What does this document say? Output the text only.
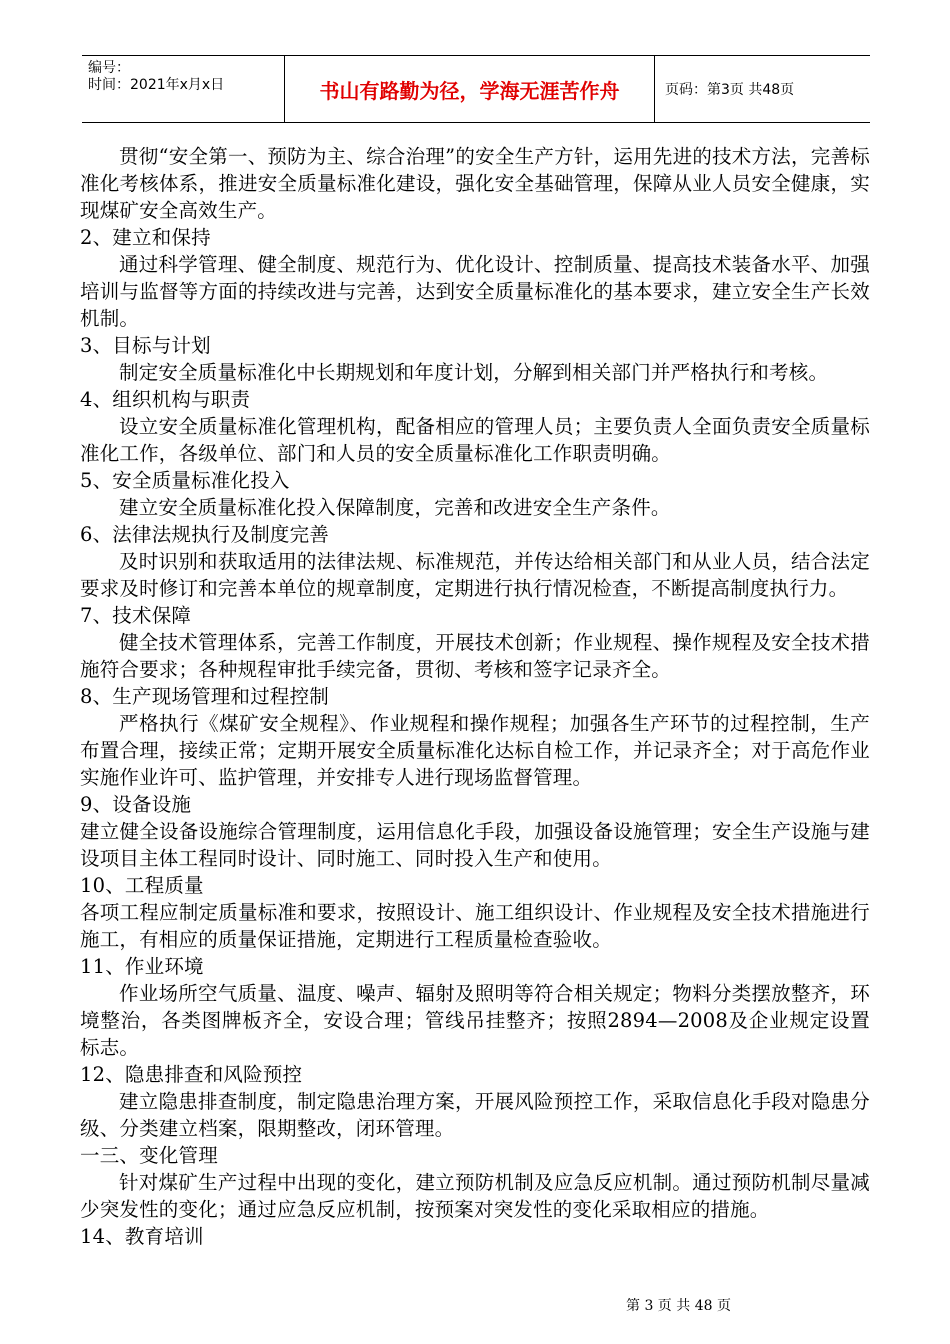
编号：
时间：2021年x月x日	书山有路勤为径，学海无涯苦作舟	页码：第3页 共48页

贯彻“安全第一、预防为主、综合治理”的安全生产方针，运用先进的技术方法，完善标准化考核体系，推进安全质量标准化建设，强化安全基础管理，保障从业人员安全健康，实现煤矿安全高效生产。

2、建立和保持

通过科学管理、健全制度、规范行为、优化设计、控制质量、提高技术装备水平、加强培训与监督等方面的持续改进与完善，达到安全质量标准化的基本要求，建立安全生产长效机制。

3、目标与计划

制定安全质量标准化中长期规划和年度计划，分解到相关部门并严格执行和考核。

4、组织机构与职责

设立安全质量标准化管理机构，配备相应的管理人员；主要负责人全面负责安全质量标准化工作，各级单位、部门和人员的安全质量标准化工作职责明确。

5、安全质量标准化投入

建立安全质量标准化投入保障制度，完善和改进安全生产条件。

6、法律法规执行及制度完善

及时识别和获取适用的法律法规、标准规范，并传达给相关部门和从业人员，结合法定要求及时修订和完善本单位的规章制度，定期进行执行情况检查，不断提高制度执行力。

7、技术保障

健全技术管理体系，完善工作制度，开展技术创新；作业规程、操作规程及安全技术措施符合要求；各种规程审批手续完备，贯彻、考核和签字记录齐全。

8、生产现场管理和过程控制

严格执行《煤矿安全规程》、作业规程和操作规程；加强各生产环节的过程控制，生产布置合理，接续正常；定期开展安全质量标准化达标自检工作，并记录齐全；对于高危作业实施作业许可、监护管理，并安排专人进行现场监督管理。

9、设备设施

建立健全设备设施综合管理制度，运用信息化手段，加强设备设施管理；安全生产设施与建设项目主体工程同时设计、同时施工、同时投入生产和使用。

10、工程质量

各项工程应制定质量标准和要求，按照设计、施工组织设计、作业规程及安全技术措施进行施工，有相应的质量保证措施，定期进行工程质量检查验收。

11、作业环境

作业场所空气质量、温度、噪声、辐射及照明等符合相关规定；物料分类摆放整齐，环境整治，各类图牌板齐全，安设合理；管线吊挂整齐；按照2894—2008及企业规定设置标志。

12、隐患排查和风险预控

建立隐患排查制度，制定隐患治理方案，开展风险预控工作，采取信息化手段对隐患分级、分类建立档案，限期整改，闭环管理。

一三、变化管理

针对煤矿生产过程中出现的变化，建立预防机制及应急反应机制。通过预防机制尽量减少突发性的变化；通过应急反应机制，按预案对突发性的变化采取相应的措施。

14、教育培训
第 3 页 共 48 页
